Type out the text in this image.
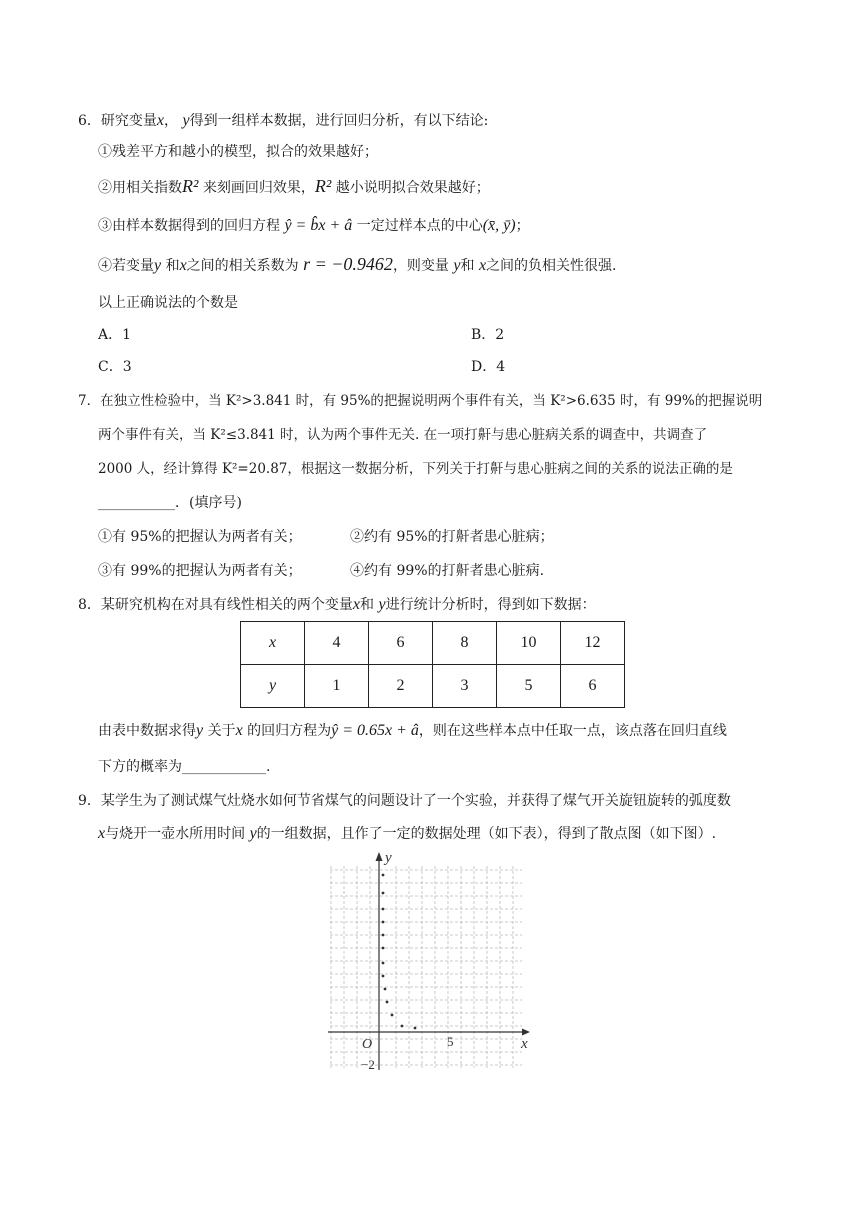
6．研究变量x， y得到一组样本数据，进行回归分析，有以下结论:
①残差平方和越小的模型，拟合的效果越好；
②用相关指数R² 来刻画回归效果，R² 越小说明拟合效果越好；
③由样本数据得到的回归方程 ŷ = b̂x + â 一定过样本点的中心(x̄, ȳ)；
④若变量y 和x之间的相关系数为 r = −0.9462，则变量 y和 x之间的负相关性很强.
以上正确说法的个数是
A．1	B．2
C．3	D．4
7．在独立性检验中，当 K²>3.841 时，有 95%的把握说明两个事件有关，当 K²>6.635 时，有 99%的把握说明
两个事件有关，当 K²≤3.841 时，认为两个事件无关. 在一项打鼾与患心脏病关系的调查中，共调查了
2000 人，经计算得 K²=20.87，根据这一数据分析，下列关于打鼾与患心脏病之间的关系的说法正确的是
___________．(填序号)
①有 95%的把握认为两者有关；	②约有 95%的打鼾者患心脏病；
③有 99%的把握认为两者有关；	④约有 99%的打鼾者患心脏病.
8．某研究机构在对具有线性相关的两个变量x和 y进行统计分析时，得到如下数据：
x	4	6	8	10	12
y	1	2	3	5	6
由表中数据求得y 关于x 的回归方程为ŷ = 0.65x + â，则在这些样本点中任取一点，该点落在回归直线
下方的概率为____________.
9．某学生为了测试煤气灶烧水如何节省煤气的问题设计了一个实验，并获得了煤气开关旋钮旋转的弧度数
x与烧开一壶水所用时间 y的一组数据，且作了一定的数据处理（如下表），得到了散点图（如下图）.
y
x
O	5
−2
